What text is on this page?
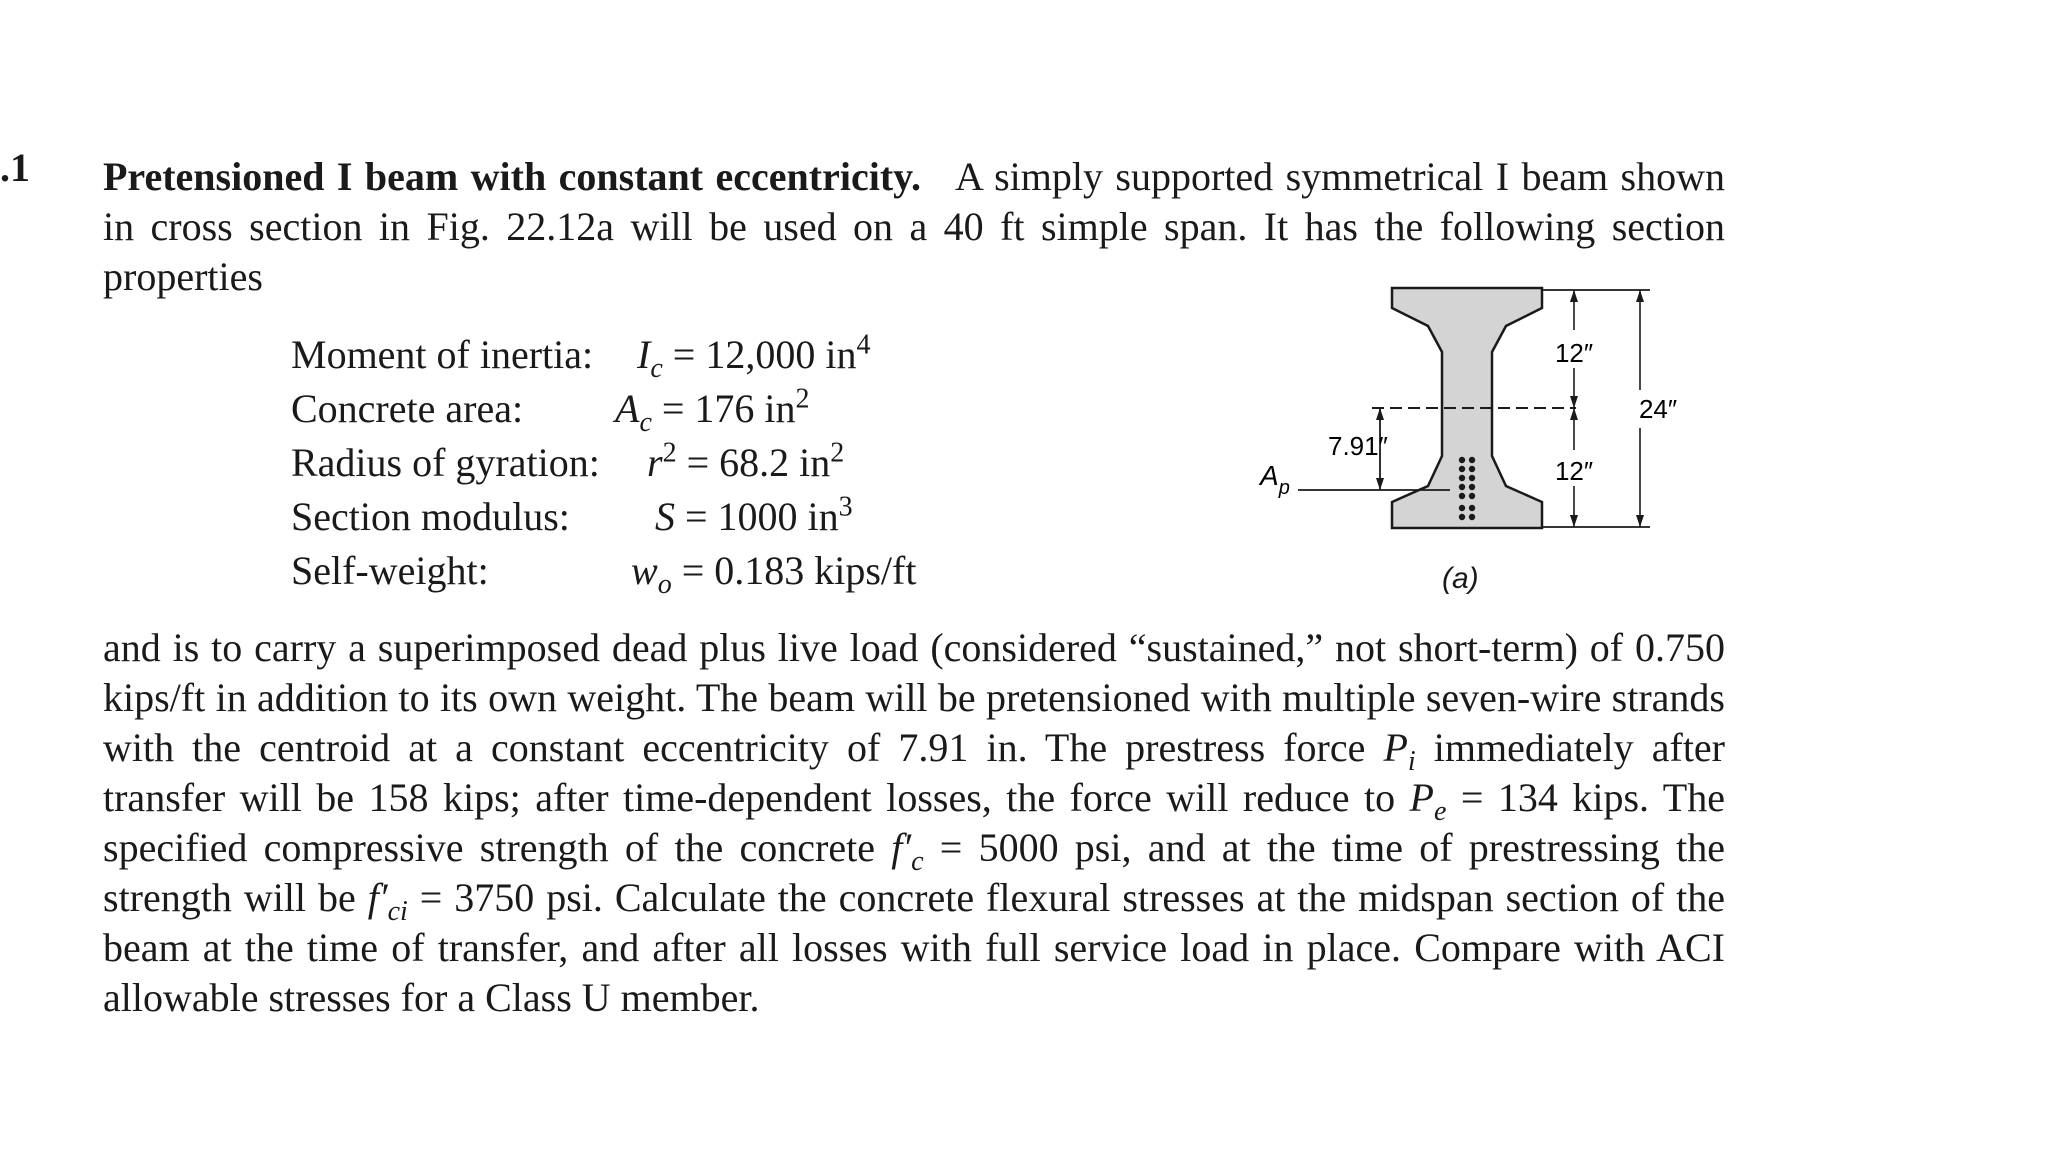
.1 Pretensioned I beam with constant eccentricity. A simply supported symmetrical I beam shown in cross section in Fig. 22.12a will be used on a 40 ft simple span. It has the following section properties
Moment of inertia:	$I_c = 12,000$ $in^4$
Concrete area:	$A_c = 176$ $in^2$
Radius of gyration:	$r^2 = 68.2$ $in^2$
Section modulus:	S = 1000 $in^3$
Self-weight:	$w_o = 0.183$ kips/ft
12″
12″
24″
7.91″
$A_p$
(a)
and is to carry a superimposed dead plus live load (considered “sustained,” not short-term) of 0.750 kips/ft in addition to its own weight. The beam will be pretensioned with multiple seven-wire strands with the centroid at a constant eccentricity of 7.91 in. The prestress force $P_i$ immediately after transfer will be 158 kips; after time-dependent losses, the force will reduce to $P_e = 134$ kips. The specified compressive strength of the concrete $f'_c = 5000$ psi, and at the time of prestressing the strength will be $f'_{ci} = 3750$ psi. Calculate the concrete flexural stresses at the midspan section of the beam at the time of transfer, and after all losses with full service load in place. Compare with ACI allowable stresses for a Class U member.
